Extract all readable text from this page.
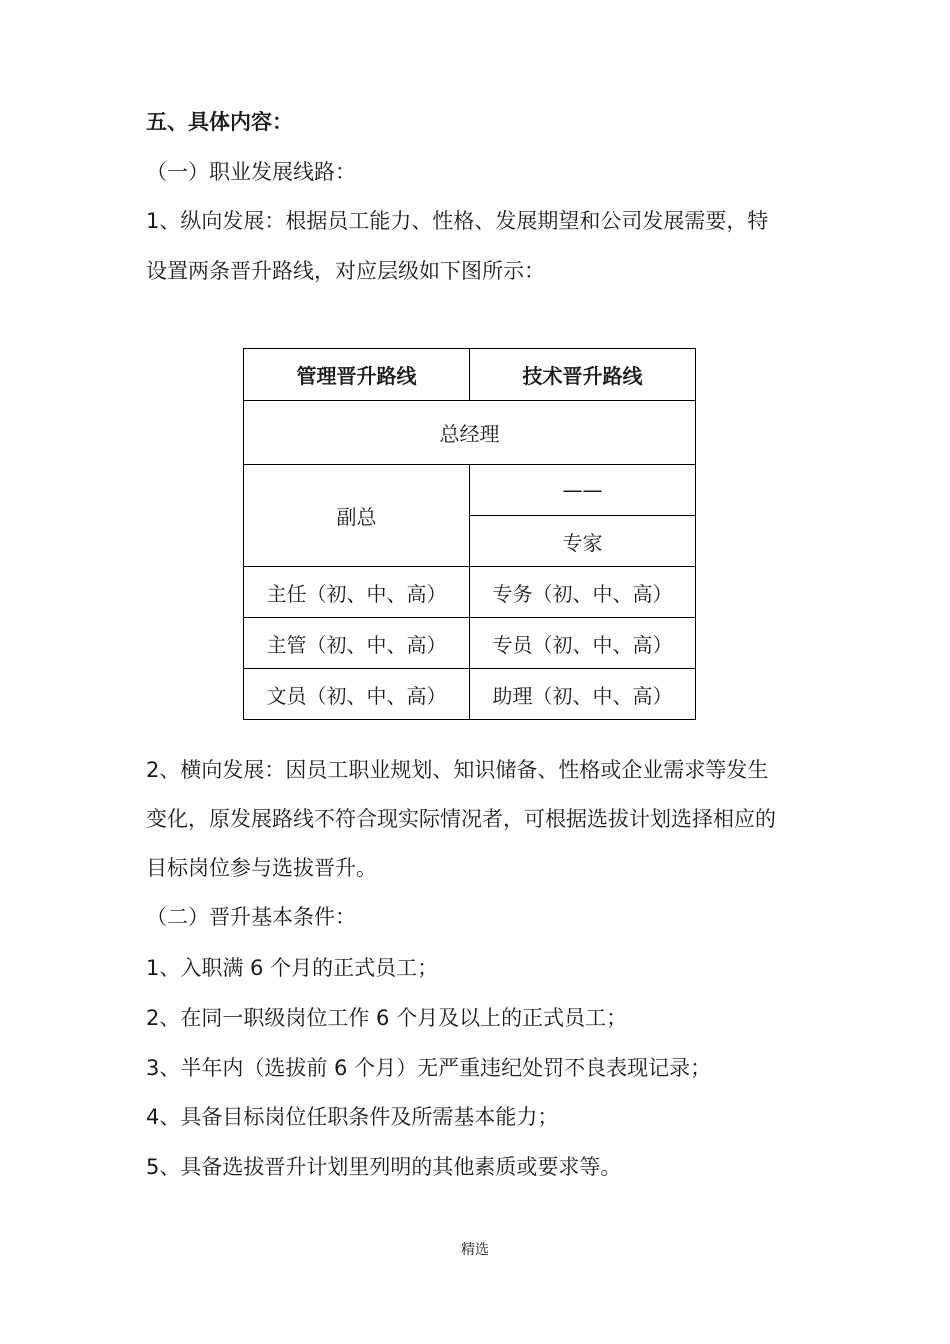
五、具体内容：
（一）职业发展线路：
1、纵向发展：根据员工能力、性格、发展期望和公司发展需要，特
设置两条晋升路线，对应层级如下图所示：
管理晋升路线	技术晋升路线
总经理	
副总	——
	专家
主任（初、中、高）	专务（初、中、高）
主管（初、中、高）	专员（初、中、高）
文员（初、中、高）	助理（初、中、高）
2、横向发展：因员工职业规划、知识储备、性格或企业需求等发生
变化，原发展路线不符合现实际情况者，可根据选拔计划选择相应的
目标岗位参与选拔晋升。
（二）晋升基本条件：
1、入职满 6 个月的正式员工；
2、在同一职级岗位工作 6 个月及以上的正式员工；
3、半年内（选拔前 6 个月）无严重违纪处罚不良表现记录；
4、具备目标岗位任职条件及所需基本能力；
5、具备选拔晋升计划里列明的其他素质或要求等。
精选
